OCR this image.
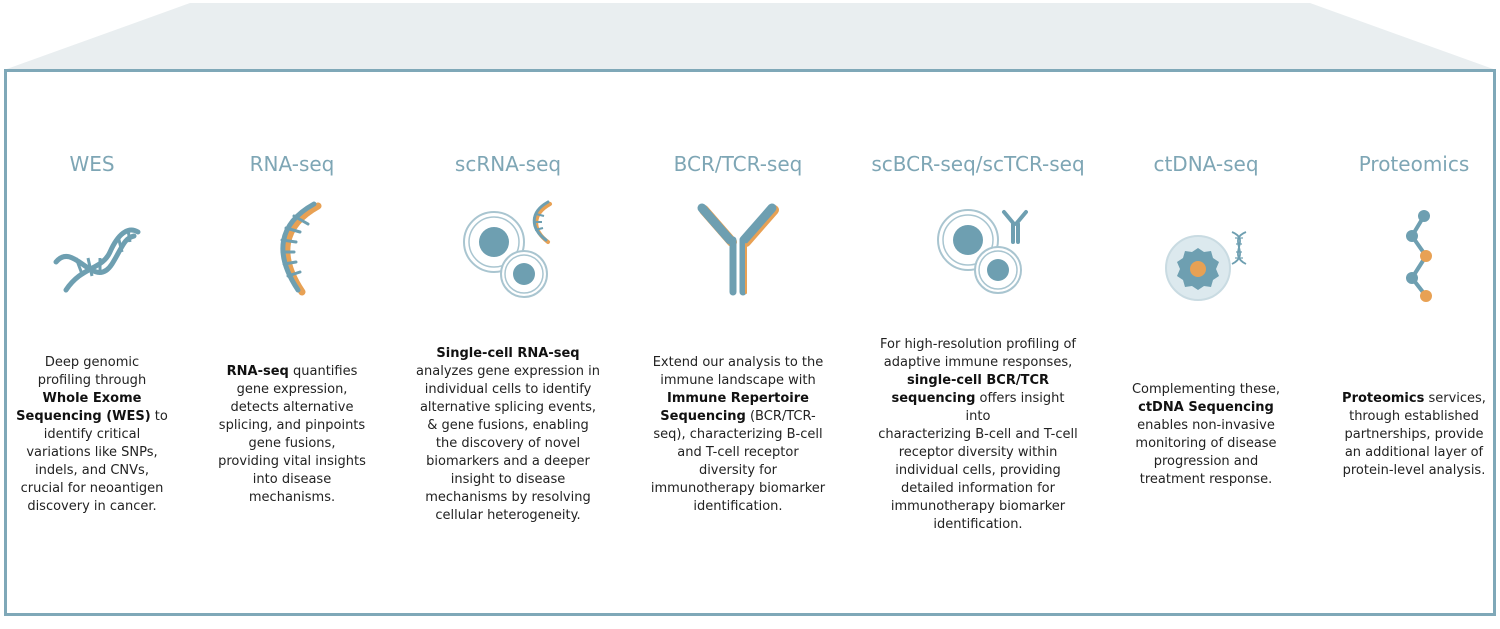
WES
Deep genomic
profiling through
Whole Exome
Sequencing (WES) to
identify critical
variations like SNPs,
indels, and CNVs,
crucial for neoantigen
discovery in cancer.
RNA-seq
RNA-seq quantifies
gene expression,
detects alternative
splicing, and pinpoints
gene fusions,
providing vital insights
into disease
mechanisms.
scRNA-seq
Single-cell RNA-seq
analyzes gene expression in
individual cells to identify
alternative splicing events,
& gene fusions, enabling
the discovery of novel
biomarkers and a deeper
insight to disease
mechanisms by resolving
cellular heterogeneity.
BCR/TCR-seq
Extend our analysis to the
immune landscape with
Immune Repertoire
Sequencing (BCR/TCR-
seq), characterizing B-cell
and T-cell receptor
diversity for
immunotherapy biomarker
identification.
scBCR-seq/scTCR-seq
For high-resolution profiling of
adaptive immune responses,
single-cell BCR/TCR
sequencing offers insight into
characterizing B-cell and T-cell
receptor diversity within
individual cells, providing
detailed information for
immunotherapy biomarker
identification.
ctDNA-seq
Complementing these,
ctDNA Sequencing
enables non-invasive
monitoring of disease
progression and
treatment response.
Proteomics
Proteomics services,
through established
partnerships, provide
an additional layer of
protein-level analysis.
